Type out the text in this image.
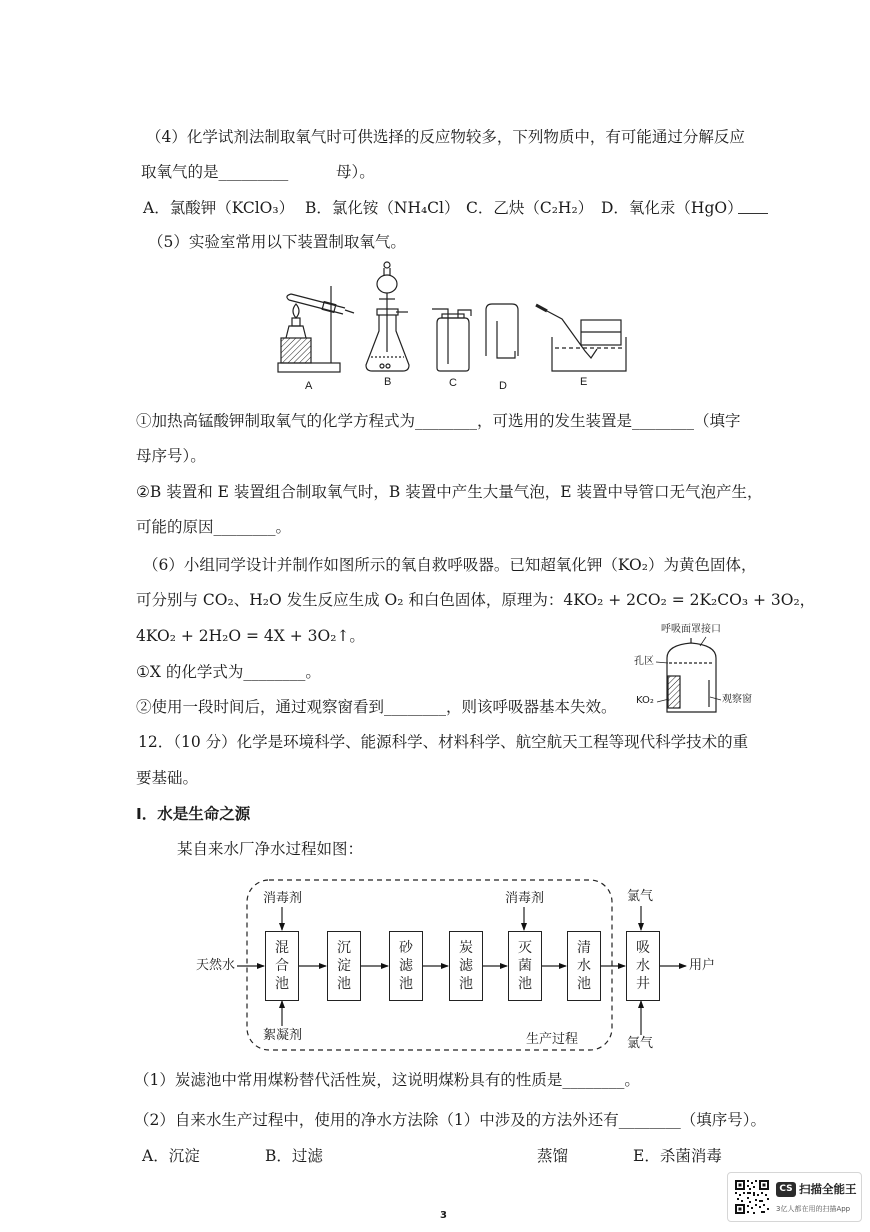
（4）化学试剂法制取氧气时可供选择的反应物较多，下列物质中，有可能通过分解反应
取氧气的是_________	母）。
A．氯酸钾（KClO₃） B．氯化铵（NH₄Cl） C．乙炔（C₂H₂） D．氧化汞（HgO）
（5）实验室常用以下装置制取氧气。
A	B	C	D	E
①加热高锰酸钾制取氧气的化学方程式为________，可选用的发生装置是________（填字
母序号）。
②B 装置和 E 装置组合制取氧气时，B 装置中产生大量气泡，E 装置中导管口无气泡产生，
可能的原因________。
（6）小组同学设计并制作如图所示的氧自救呼吸器。已知超氧化钾（KO₂）为黄色固体，
可分别与 CO₂、H₂O 发生反应生成 O₂ 和白色固体，原理为：4KO₂ + 2CO₂ = 2K₂CO₃ + 3O₂，
4KO₂ + 2H₂O = 4X + 3O₂↑。
①X 的化学式为________。
②使用一段时间后，通过观察窗看到________，则该呼吸器基本失效。
呼吸面罩接口
孔区
KO₂	观察窗
12．（10 分）化学是环境科学、能源科学、材料科学、航空航天工程等现代科学技术的重
要基础。
Ⅰ．水是生命之源
某自来水厂净水过程如图：
天然水	用户
消毒剂	消毒剂	氯气
絮凝剂
氯气
生产过程
混合池
沉淀池
砂滤池
炭滤池
灭菌池
清水池
吸水井
（1）炭滤池中常用煤粉替代活性炭，这说明煤粉具有的性质是________。
（2）自来水生产过程中，使用的净水方法除（1）中涉及的方法外还有________（填序号）。
A．沉淀	B．过滤	蒸馏	E．杀菌消毒
3
CS 扫描全能王
3亿人都在用的扫描App
